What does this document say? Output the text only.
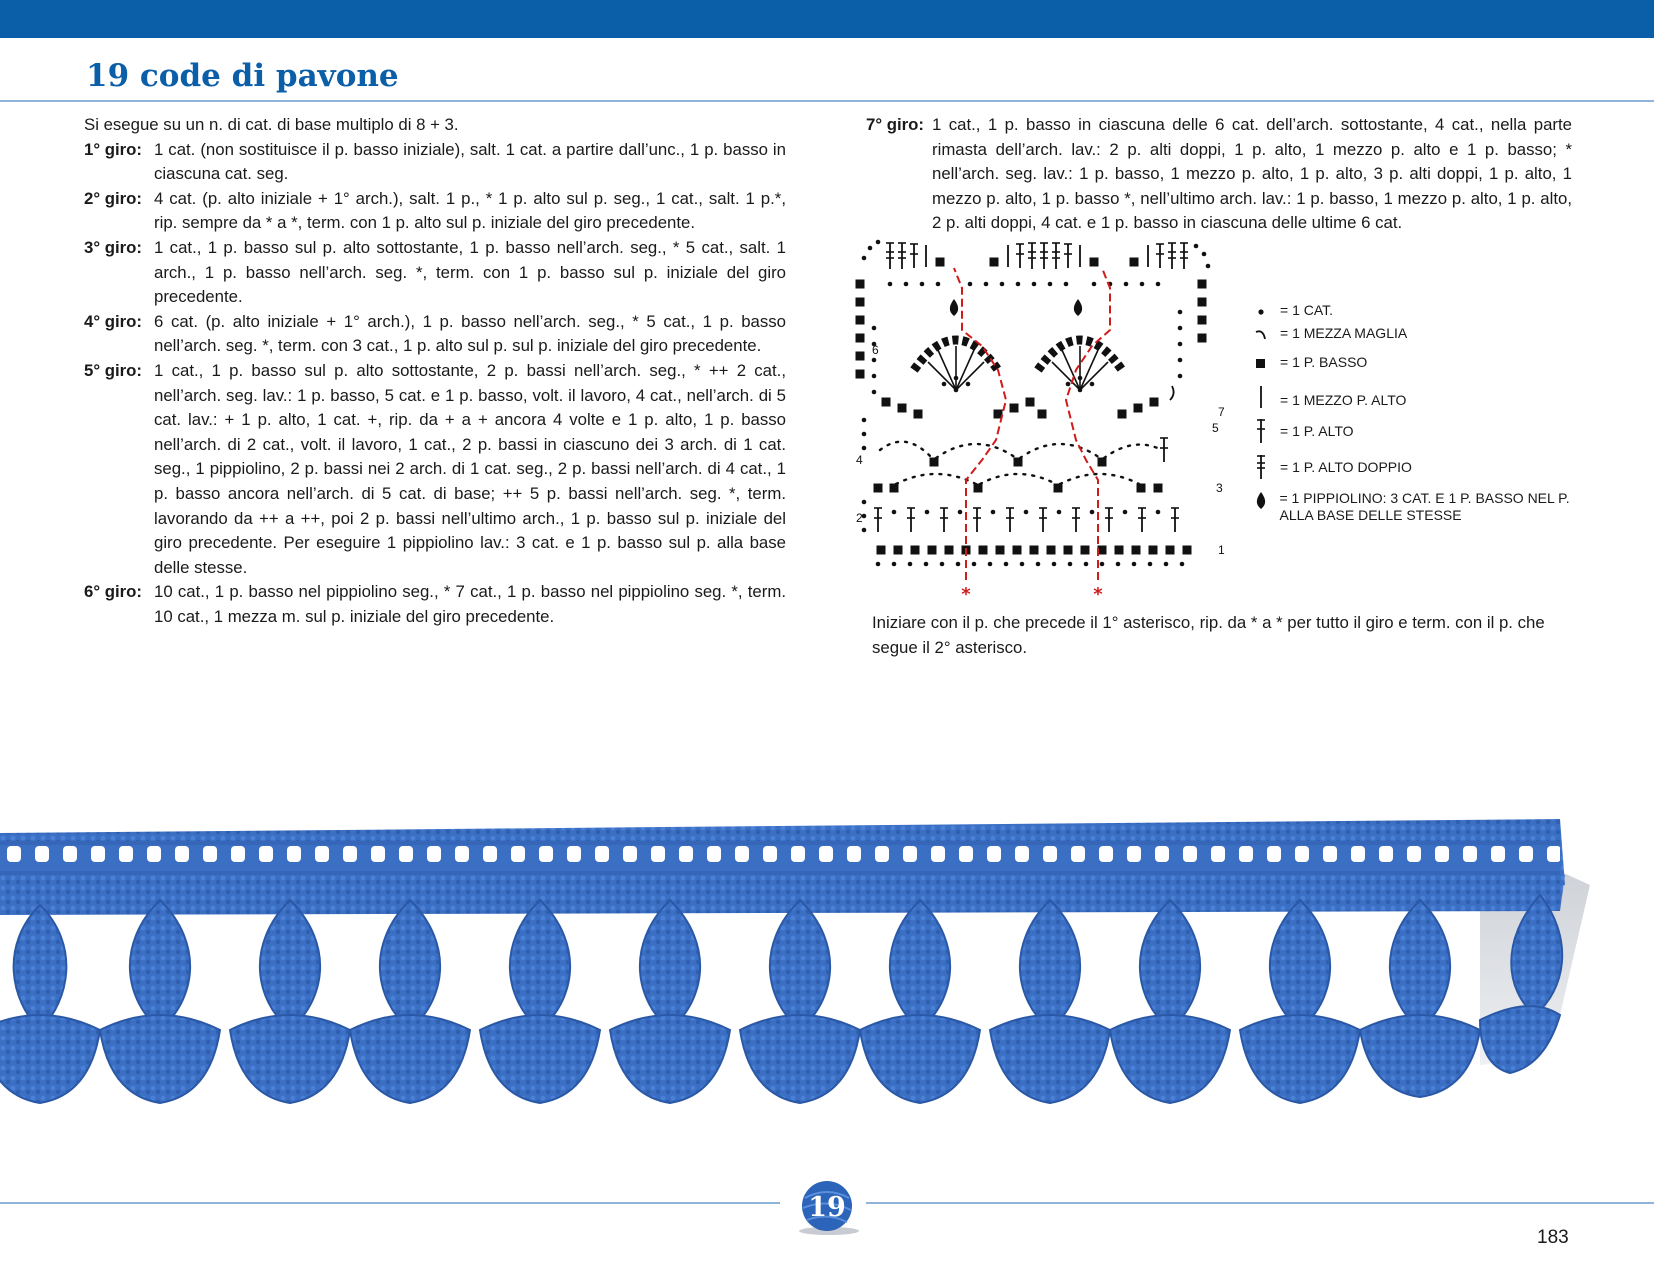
19 code di pavone

Si esegue su un n. di cat. di base multiplo di 8 + 3.

1° giro: 1 cat. (non sostituisce il p. basso iniziale), salt. 1 cat. a partire dall’unc., 1 p. basso in ciascuna cat. seg.
2° giro: 4 cat. (p. alto iniziale + 1° arch.), salt. 1 p., * 1 p. alto sul p. seg., 1 cat., salt. 1 p.*, rip. sempre da * a *, term. con 1 p. alto sul p. iniziale del giro precedente.
3° giro: 1 cat., 1 p. basso sul p. alto sottostante, 1 p. basso nell’arch. seg., * 5 cat., salt. 1 arch., 1 p. basso nell’arch. seg. *, term. con 1 p. basso sul p. iniziale del giro precedente.
4° giro: 6 cat. (p. alto iniziale + 1° arch.), 1 p. basso nell’arch. seg., * 5 cat., 1 p. basso nell’arch. seg. *, term. con 3 cat., 1 p. alto sul p. sul p. iniziale del giro precedente.
5° giro: 1 cat., 1 p. basso sul p. alto sottostante, 2 p. bassi nell’arch. seg., * ++ 2 cat., nell’arch. seg. lav.: 1 p. basso, 5 cat. e 1 p. basso, volt. il lavoro, 4 cat., nell’arch. di 5 cat. lav.: + 1 p. alto, 1 cat. +, rip. da + a + ancora 4 volte e 1 p. alto, 1 p. basso nell’arch. di 2 cat., volt. il lavoro, 1 cat., 2 p. bassi in ciascuno dei 3 arch. di 1 cat. seg., 1 pippiolino, 2 p. bassi nei 2 arch. di 1 cat. seg., 2 p. bassi nell’arch. di 4 cat., 1 p. basso ancora nell’arch. di 5 cat. di base; ++ 5 p. bassi nell’arch. seg. *, term. lavorando da ++ a ++, poi 2 p. bassi nell’ultimo arch., 1 p. basso sul p. iniziale del giro precedente. Per eseguire 1 pippiolino lav.: 3 cat. e 1 p. basso sul p. alla base delle stesse.
6° giro: 10 cat., 1 p. basso nel pippiolino seg., * 7 cat., 1 p. basso nel pippiolino seg. *, term. 10 cat., 1 mezza m. sul p. iniziale del giro precedente.
7° giro: 1 cat., 1 p. basso in ciascuna delle 6 cat. dell’arch. sottostante, 4 cat., nella parte rimasta dell’arch. lav.: 2 p. alti doppi, 1 p. alto, 1 mezzo p. alto e 1 p. basso; * nell’arch. seg. lav.: 1 p. basso, 1 mezzo p. alto, 1 p. alto, 3 p. alti doppi, 1 p. alto, 1 mezzo p. alto, 1 p. basso *, nell’ultimo arch. lav.: 1 p. basso, 1 mezzo p. alto, 1 p. alto, 2 p. alti doppi, 4 cat. e 1 p. basso in ciascuna delle ultime 6 cat.
*	*
1
2
3
4
5
6
7
= 1 CAT.
= 1 MEZZA MAGLIA
= 1 P. BASSO
= 1 MEZZO P. ALTO
= 1 P. ALTO
= 1 P. ALTO DOPPIO
= 1 PIPPIOLINO: 3 CAT. E 1 P. BASSO NEL P. ALLA BASE DELLE STESSE

Iniziare con il p. che precede il 1° asterisco, rip. da * a * per tutto il giro e term. con il p. che segue il 2° asterisco.

19
183
